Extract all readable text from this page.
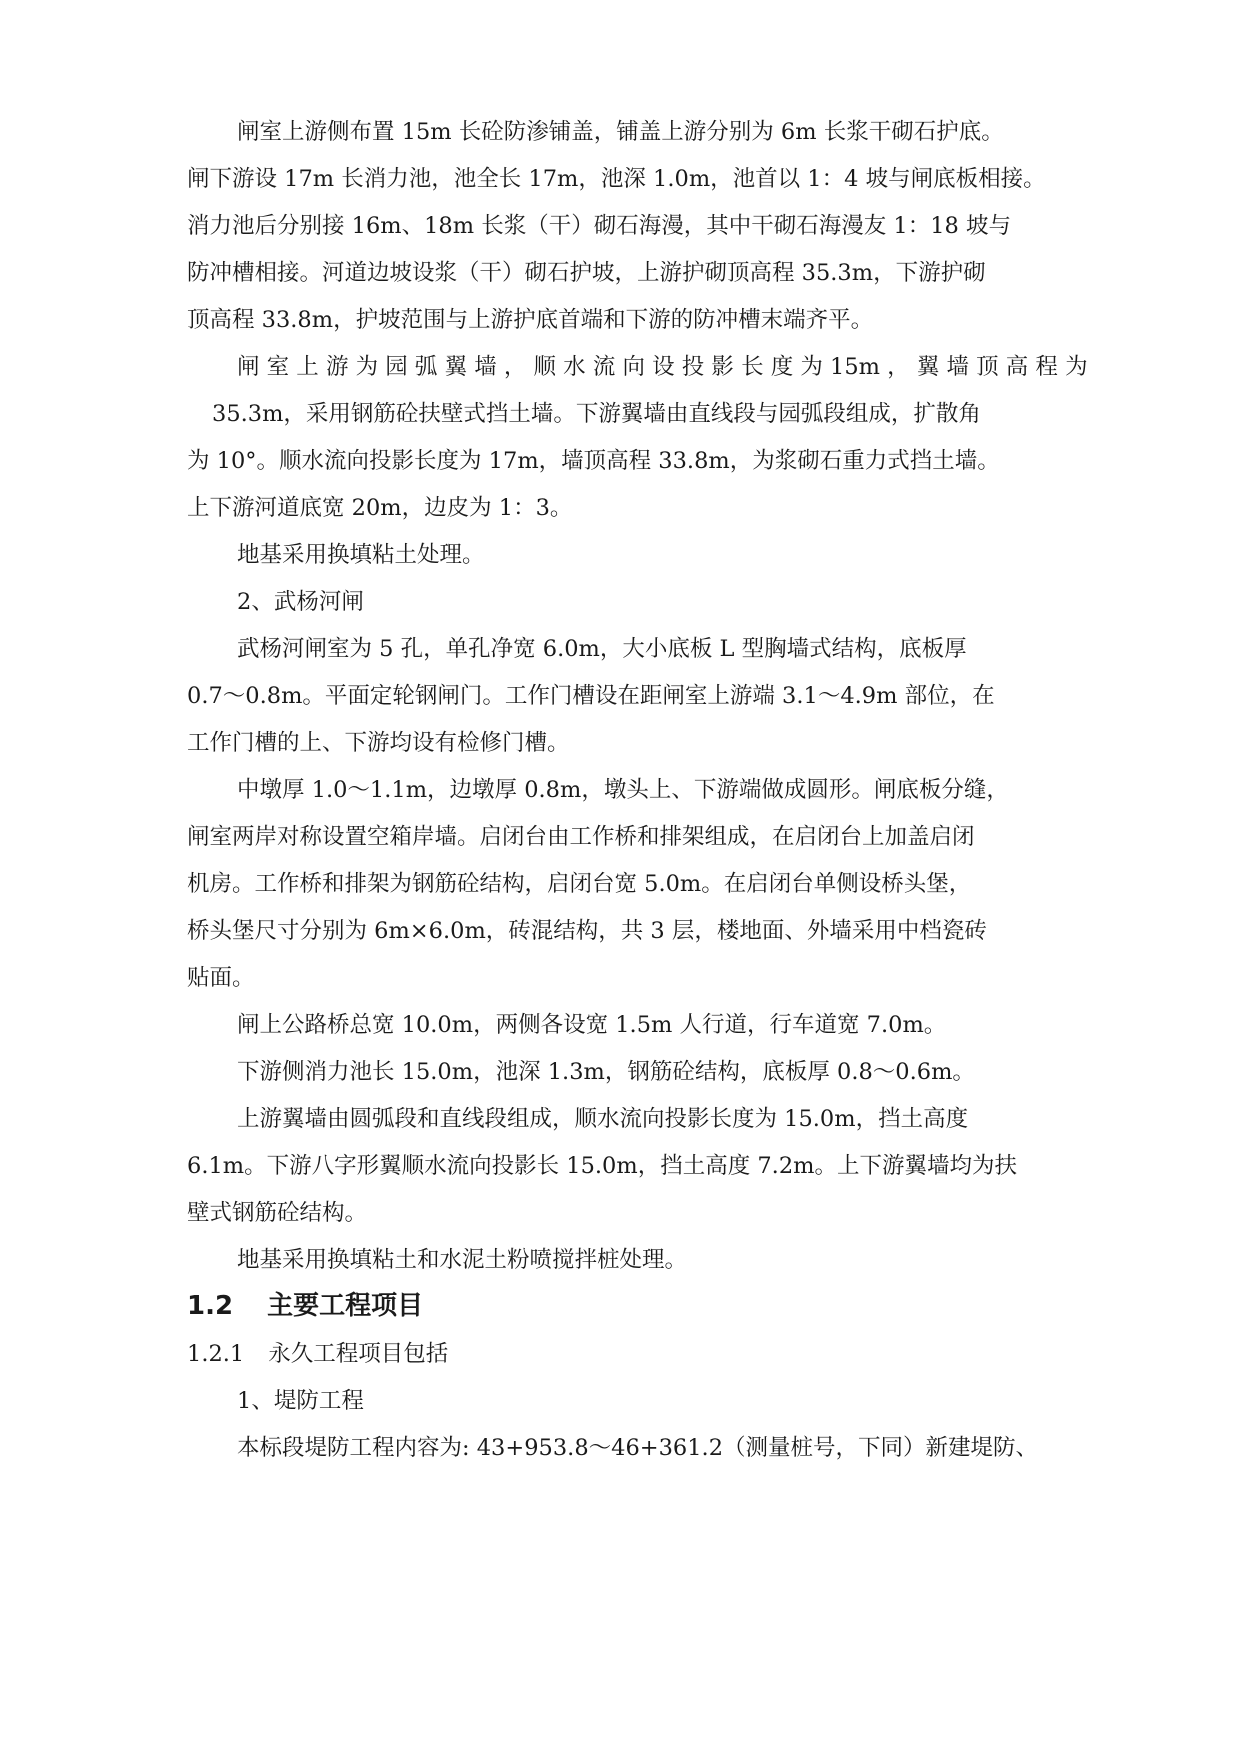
闸室上游侧布置 15m 长砼防渗铺盖，铺盖上游分别为 6m 长浆干砌石护底。
闸下游设 17m 长消力池，池全长 17m，池深 1.0m，池首以 1：4 坡与闸底板相接。
消力池后分别接 16m、18m 长浆（干）砌石海漫，其中干砌石海漫友 1：18 坡与
防冲槽相接。河道边坡设浆（干）砌石护坡，上游护砌顶高程 35.3m，下游护砌
顶高程 33.8m，护坡范围与上游护底首端和下游的防冲槽末端齐平。
闸 室 上 游 为 园 弧 翼 墙 ， 顺 水 流 向 设 投 影 长 度 为 15m ， 翼 墙 顶 高 程 为
35.3m，采用钢筋砼扶壁式挡土墙。下游翼墙由直线段与园弧段组成，扩散角
为 10°。顺水流向投影长度为 17m，墙顶高程 33.8m，为浆砌石重力式挡土墙。
上下游河道底宽 20m，边皮为 1：3。
地基采用换填粘土处理。
2、武杨河闸
武杨河闸室为 5 孔，单孔净宽 6.0m，大小底板 L 型胸墙式结构，底板厚
0.7～0.8m。平面定轮钢闸门。工作门槽设在距闸室上游端 3.1～4.9m 部位，在
工作门槽的上、下游均设有检修门槽。
中墩厚 1.0～1.1m，边墩厚 0.8m，墩头上、下游端做成圆形。闸底板分缝，
闸室两岸对称设置空箱岸墙。启闭台由工作桥和排架组成，在启闭台上加盖启闭
机房。工作桥和排架为钢筋砼结构，启闭台宽 5.0m。在启闭台单侧设桥头堡，
桥头堡尺寸分别为 6m×6.0m，砖混结构，共 3 层，楼地面、外墙采用中档瓷砖
贴面。
闸上公路桥总宽 10.0m，两侧各设宽 1.5m 人行道，行车道宽 7.0m。
下游侧消力池长 15.0m，池深 1.3m，钢筋砼结构，底板厚 0.8～0.6m。
上游翼墙由圆弧段和直线段组成，顺水流向投影长度为 15.0m，挡土高度
6.1m。下游八字形翼顺水流向投影长 15.0m，挡土高度 7.2m。上下游翼墙均为扶
壁式钢筋砼结构。
地基采用换填粘土和水泥土粉喷搅拌桩处理。
1.2 主要工程项目
1.2.1 永久工程项目包括
1、堤防工程
本标段堤防工程内容为: 43+953.8～46+361.2（测量桩号，下同）新建堤防、
